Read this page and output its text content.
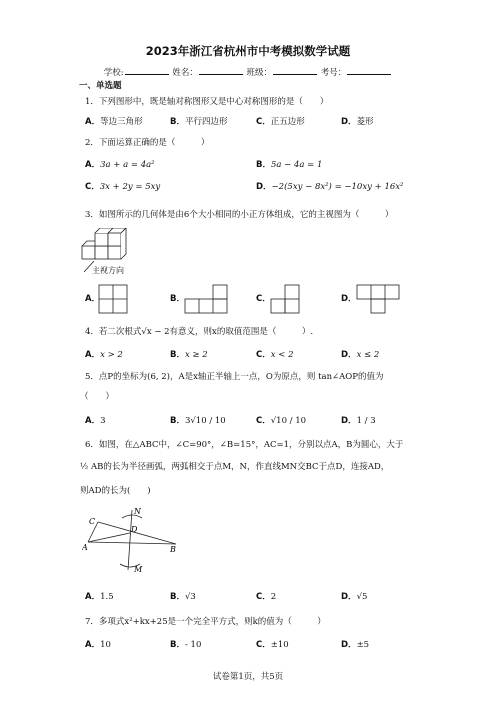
2023年浙江省杭州市中考模拟数学试题
学校:	姓名：	班级：	考号：
一、单选题
1．下列图形中，既是轴对称图形又是中心对称图形的是（　　）
A．等边三角形	B．平行四边形	C．正五边形	D．菱形
2．下面运算正确的是（　　　）
A．3a + a = 4a²	B．5a − 4a = 1
C．3x + 2y = 5xy	D．−2(5xy − 8x²) = −10xy + 16x²
3．如图所示的几何体是由6个大小相同的小正方体组成，它的主视图为（　　　）
主视方向
A．	B．	C．	D．
4．若二次根式√x − 2有意义，则x的取值范围是（　　　）.
A．x > 2	B．x ≥ 2	C．x < 2	D．x ≤ 2
5．点P的坐标为(6, 2)，A是x轴正半轴上一点，O为原点，则 tan∠AOP的值为
（　　）
A．3	B．3√10 / 10	C．√10 / 10	D．1 / 3
6．如图，在△ABC中，∠C=90°，∠B=15°，AC=1，分别以点A，B为圆心，大于
½ AB的长为半径画弧，两弧相交于点M，N，作直线MN交BC于点D，连接AD，
则AD的长为(　　)
N
C
D
A	B
M
A．1.5	B．√3	C．2	D．√5
7．多项式x²+kx+25是一个完全平方式，则k的值为（　　　）
A．10	B．- 10	C．±10	D．±5
试卷第1页，共5页
